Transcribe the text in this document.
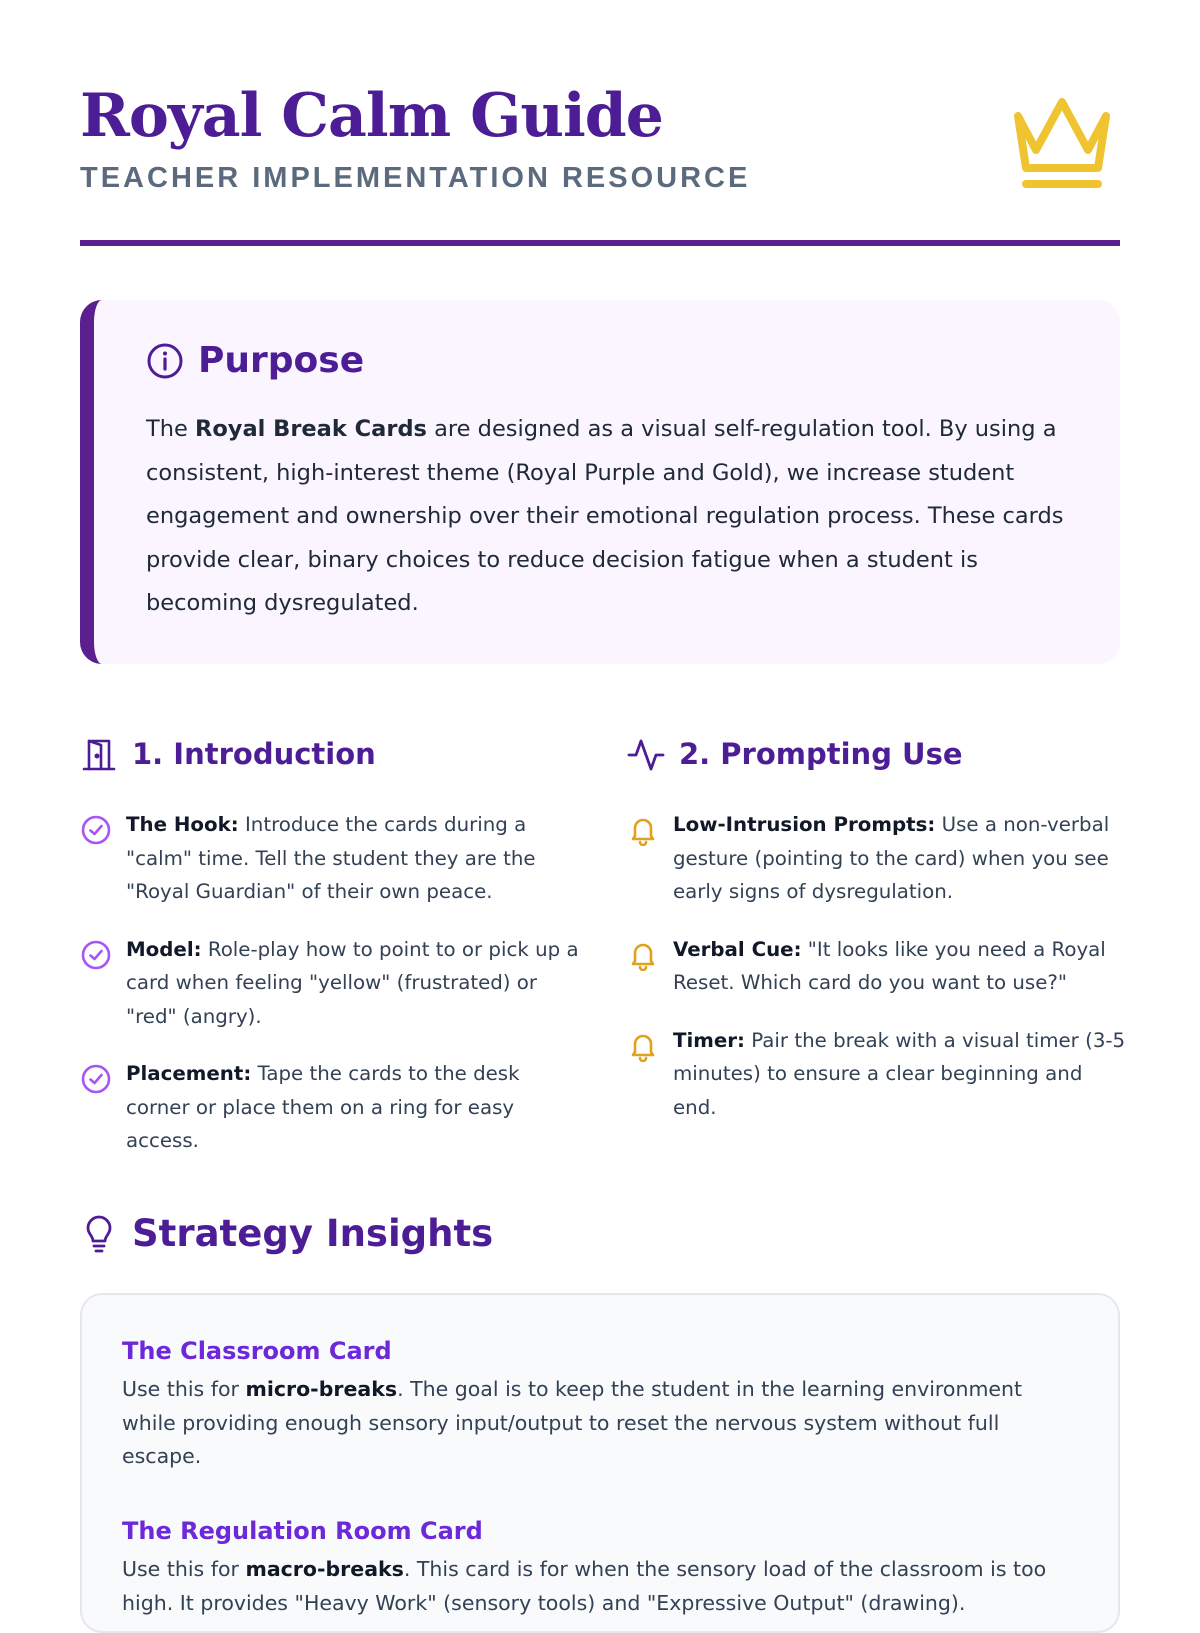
Royal Calm Guide
TEACHER IMPLEMENTATION RESOURCE
Purpose
The Royal Break Cards are designed as a visual self-regulation tool. By using a consistent, high-interest theme (Royal Purple and Gold), we increase student engagement and ownership over their emotional regulation process. These cards provide clear, binary choices to reduce decision fatigue when a student is becoming dysregulated.
1. Introduction
The Hook: Introduce the cards during a "calm" time. Tell the student they are the "Royal Guardian" of their own peace.
Model: Role-play how to point to or pick up a card when feeling "yellow" (frustrated) or "red" (angry).
Placement: Tape the cards to the desk corner or place them on a ring for easy access.
2. Prompting Use
Low-Intrusion Prompts: Use a non-verbal gesture (pointing to the card) when you see early signs of dysregulation.
Verbal Cue: "It looks like you need a Royal Reset. Which card do you want to use?"
Timer: Pair the break with a visual timer (3-5 minutes) to ensure a clear beginning and end.
Strategy Insights
The Classroom Card
Use this for micro-breaks. The goal is to keep the student in the learning environment while providing enough sensory input/output to reset the nervous system without full escape.
The Regulation Room Card
Use this for macro-breaks. This card is for when the sensory load of the classroom is too high. It provides "Heavy Work" (sensory tools) and "Expressive Output" (drawing).
